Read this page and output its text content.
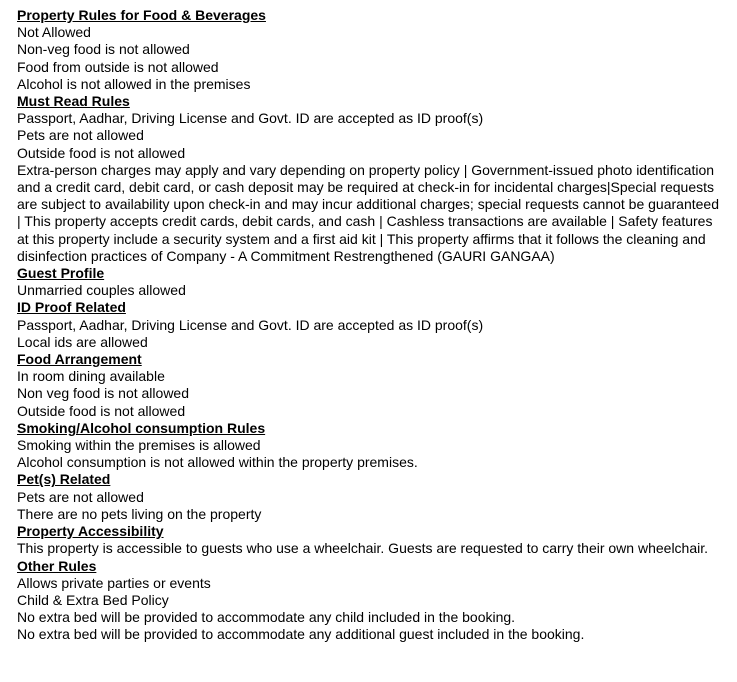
Property Rules for Food & Beverages
Not Allowed
Non-veg food is not allowed
Food from outside is not allowed
Alcohol is not allowed in the premises
Must Read Rules
Passport, Aadhar, Driving License and Govt. ID are accepted as ID proof(s)
Pets are not allowed
Outside food is not allowed
Extra-person charges may apply and vary depending on property policy | Government-issued photo identification and a credit card, debit card, or cash deposit may be required at check-in for incidental charges|Special requests are subject to availability upon check-in and may incur additional charges; special requests cannot be guaranteed | This property accepts credit cards, debit cards, and cash | Cashless transactions are available | Safety features at this property include a security system and a first aid kit | This property affirms that it follows the cleaning and disinfection practices of Company - A Commitment Restrengthened (GAURI GANGAA)
Guest Profile
Unmarried couples allowed
ID Proof Related
Passport, Aadhar, Driving License and Govt. ID are accepted as ID proof(s)
Local ids are allowed
Food Arrangement
In room dining available
Non veg food is not allowed
Outside food is not allowed
Smoking/Alcohol consumption Rules
Smoking within the premises is allowed
Alcohol consumption is not allowed within the property premises.
Pet(s) Related
Pets are not allowed
There are no pets living on the property
Property Accessibility
This property is accessible to guests who use a wheelchair. Guests are requested to carry their own wheelchair.
Other Rules
Allows private parties or events
Child & Extra Bed Policy
No extra bed will be provided to accommodate any child included in the booking.
No extra bed will be provided to accommodate any additional guest included in the booking.
